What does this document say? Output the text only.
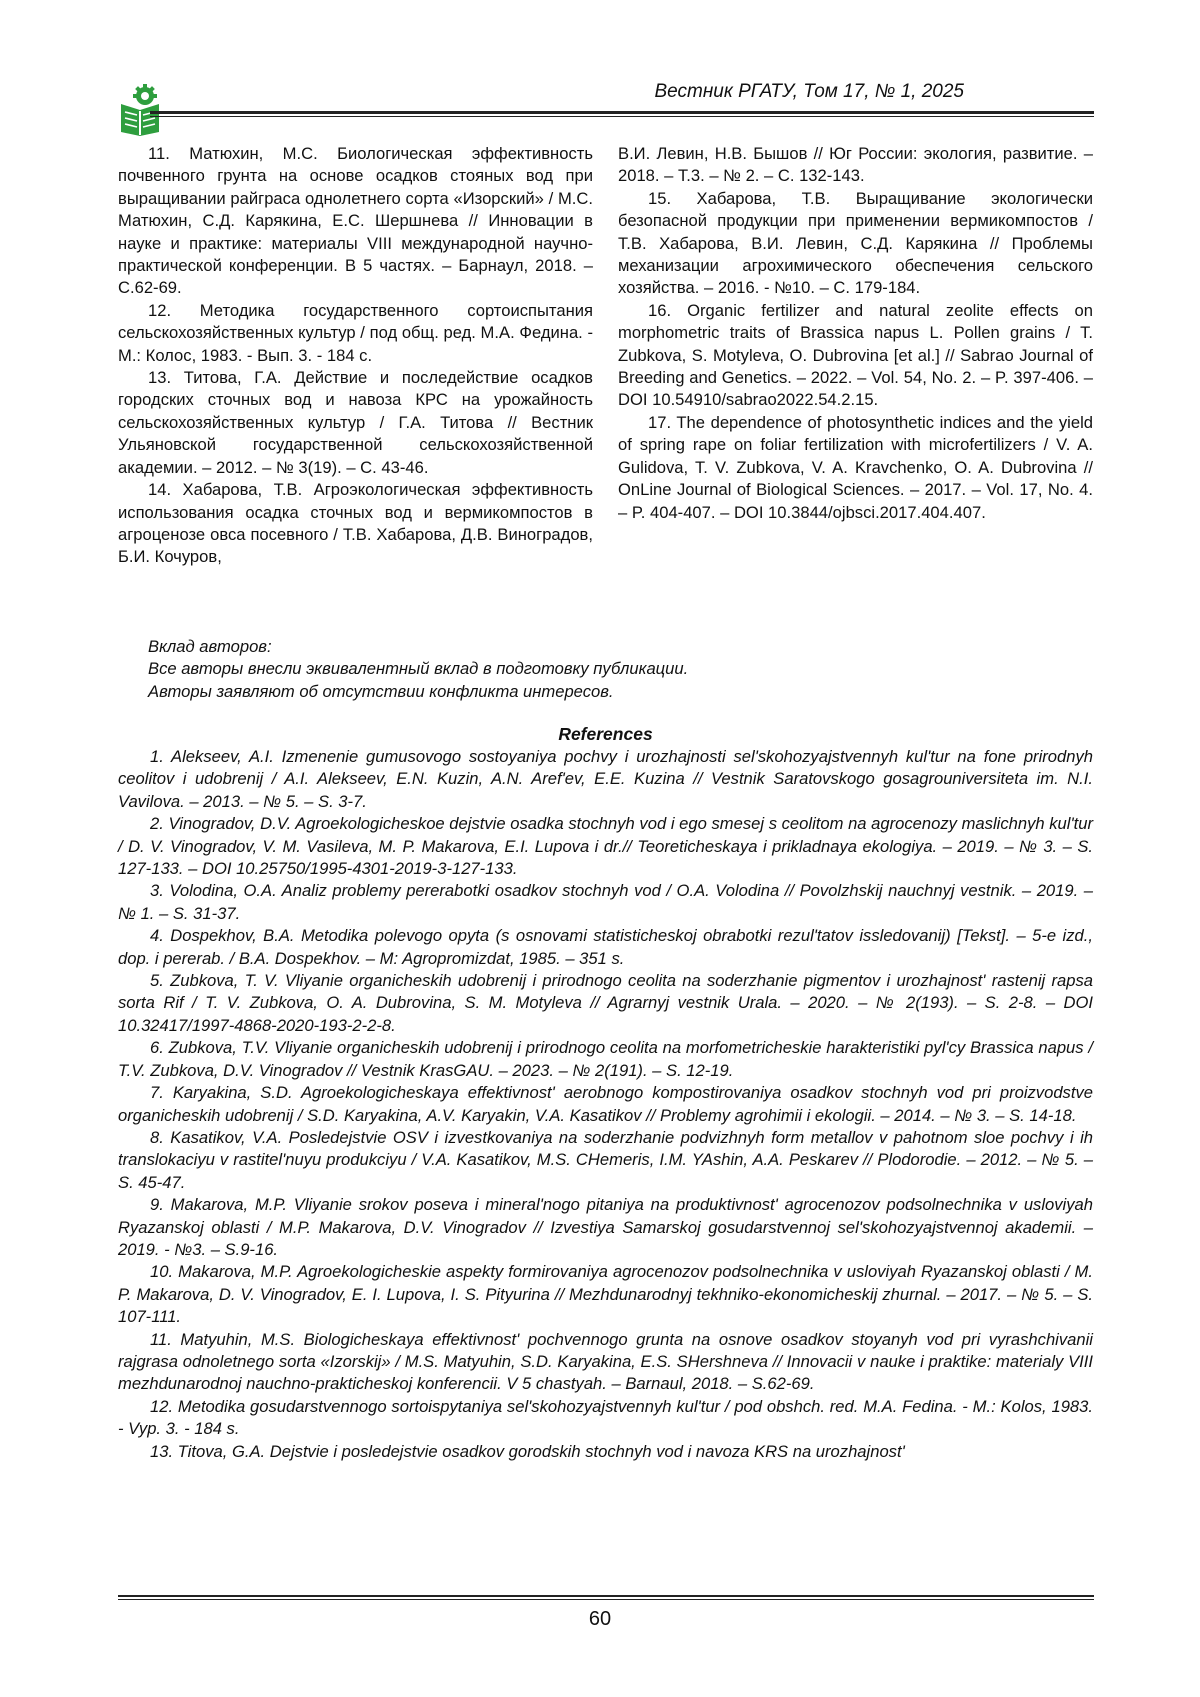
Вестник РГАТУ, Том 17, № 1, 2025

11. Матюхин, М.С. Биологическая эффективность почвенного грунта на основе осадков стояных вод при выращивании райграса однолетнего сорта «Изорский» / М.С. Матюхин, С.Д. Карякина, Е.С. Шершнева // Инновации в науке и практике: материалы VIII международной научно-практической конференции. В 5 частях. – Барнаул, 2018. – С.62-69.

12. Методика государственного сортоиспытания сельскохозяйственных культур / под общ. ред. М.А. Федина. - М.: Колос, 1983. - Вып. 3. - 184 с.

13. Титова, Г.А. Действие и последействие осадков городских сточных вод и навоза КРС на урожайность сельскохозяйственных культур / Г.А. Титова // Вестник Ульяновской государственной сельскохозяйственной академии. – 2012. – № 3(19). – С. 43-46.

14. Хабарова, Т.В. Агроэкологическая эффективность использования осадка сточных вод и вермикомпостов в агроценозе овса посевного / Т.В. Хабарова, Д.В. Виноградов, Б.И. Кочуров,

В.И. Левин, Н.В. Бышов // Юг России: экология, развитие. – 2018. – Т.3. – № 2. – С. 132-143.

15. Хабарова, Т.В. Выращивание экологически безопасной продукции при применении вермикомпостов / Т.В. Хабарова, В.И. Левин, С.Д. Карякина // Проблемы механизации агрохимического обеспечения сельского хозяйства. – 2016. - №10. – С. 179-184.

16. Organic fertilizer and natural zeolite effects on morphometric traits of Brassica napus L. Pollen grains / T. Zubkova, S. Motyleva, O. Dubrovina [et al.] // Sabrao Journal of Breeding and Genetics. – 2022. – Vol. 54, No. 2. – P. 397-406. – DOI 10.54910/sabrao2022.54.2.15.

17. The dependence of photosynthetic indices and the yield of spring rape on foliar fertilization with microfertilizers / V. A. Gulidova, T. V. Zubkova, V. A. Kravchenko, O. A. Dubrovina // OnLine Journal of Biological Sciences. – 2017. – Vol. 17, No. 4. – P. 404-407. – DOI 10.3844/ojbsci.2017.404.407.

Вклад авторов:
Все авторы внесли эквивалентный вклад в подготовку публикации.
Авторы заявляют об отсутствии конфликта интересов.
References

1. Alekseev, A.I. Izmenenie gumusovogo sostoyaniya pochvy i urozhajnosti sel'skohozyajstvennyh kul'tur na fone prirodnyh ceolitov i udobrenij / A.I. Alekseev, E.N. Kuzin, A.N. Aref'ev, E.E. Kuzina // Vestnik Saratovskogo gosagrouniversiteta im. N.I. Vavilova. – 2013. – № 5. – S. 3-7.

2. Vinogradov, D.V. Agroekologicheskoe dejstvie osadka stochnyh vod i ego smesej s ceolitom na agrocenozy maslichnyh kul'tur / D. V. Vinogradov, V. M. Vasileva, M. P. Makarova, E.I. Lupova i dr.// Teoreticheskaya i prikladnaya ekologiya. – 2019. – № 3. – S. 127-133. – DOI 10.25750/1995-4301-2019-3-127-133.

3. Volodina, O.A. Analiz problemy pererabotki osadkov stochnyh vod / O.A. Volodina // Povolzhskij nauchnyj vestnik. – 2019. – № 1. – S. 31-37.

4. Dospekhov, B.A. Metodika polevogo opyta (s osnovami statisticheskoj obrabotki rezul'tatov issledovanij) [Tekst]. – 5-e izd., dop. i pererab. / B.A. Dospekhov. – M: Agropromizdat, 1985. – 351 s.

5. Zubkova, T. V. Vliyanie organicheskih udobrenij i prirodnogo ceolita na soderzhanie pigmentov i urozhajnost' rastenij rapsa sorta Rif / T. V. Zubkova, O. A. Dubrovina, S. M. Motyleva // Agrarnyj vestnik Urala. – 2020. – № 2(193). – S. 2-8. – DOI 10.32417/1997-4868-2020-193-2-2-8.

6. Zubkova, T.V. Vliyanie organicheskih udobrenij i prirodnogo ceolita na morfometricheskie harakteristiki pyl'cy Brassica napus / T.V. Zubkova, D.V. Vinogradov // Vestnik KrasGAU. – 2023. – № 2(191). – S. 12-19.

7. Karyakina, S.D. Agroekologicheskaya effektivnost' aerobnogo kompostirovaniya osadkov stochnyh vod pri proizvodstve organicheskih udobrenij / S.D. Karyakina, A.V. Karyakin, V.A. Kasatikov // Problemy agrohimii i ekologii. – 2014. – № 3. – S. 14-18.

8. Kasatikov, V.A. Posledejstvie OSV i izvestkovaniya na soderzhanie podvizhnyh form metallov v pahotnom sloe pochvy i ih translokaciyu v rastitel'nuyu produkciyu / V.A. Kasatikov, M.S. CHemeris, I.M. YAshin, A.A. Peskarev // Plodorodie. – 2012. – № 5. – S. 45-47.

9. Makarova, M.P. Vliyanie srokov poseva i mineral'nogo pitaniya na produktivnost' agrocenozov podsolnechnika v usloviyah Ryazanskoj oblasti / M.P. Makarova, D.V. Vinogradov // Izvestiya Samarskoj gosudarstvennoj sel'skohozyajstvennoj akademii. – 2019. - №3. – S.9-16.

10. Makarova, M.P. Agroekologicheskie aspekty formirovaniya agrocenozov podsolnechnika v usloviyah Ryazanskoj oblasti / M. P. Makarova, D. V. Vinogradov, E. I. Lupova, I. S. Pityurina // Mezhdunarodnyj tekhniko-ekonomicheskij zhurnal. – 2017. – № 5. – S. 107-111.

11. Matyuhin, M.S. Biologicheskaya effektivnost' pochvennogo grunta na osnove osadkov stoyanyh vod pri vyrashchivanii rajgrasa odnoletnego sorta «Izorskij» / M.S. Matyuhin, S.D. Karyakina, E.S. SHershneva // Innovacii v nauke i praktike: materialy VIII mezhdunarodnoj nauchno-prakticheskoj konferencii. V 5 chastyah. – Barnaul, 2018. – S.62-69.

12. Metodika gosudarstvennogo sortoispytaniya sel'skohozyajstvennyh kul'tur / pod obshch. red. M.A. Fedina. - M.: Kolos, 1983. - Vyp. 3. - 184 s.

13. Titova, G.A. Dejstvie i posledejstvie osadkov gorodskih stochnyh vod i navoza KRS na urozhajnost'

60
